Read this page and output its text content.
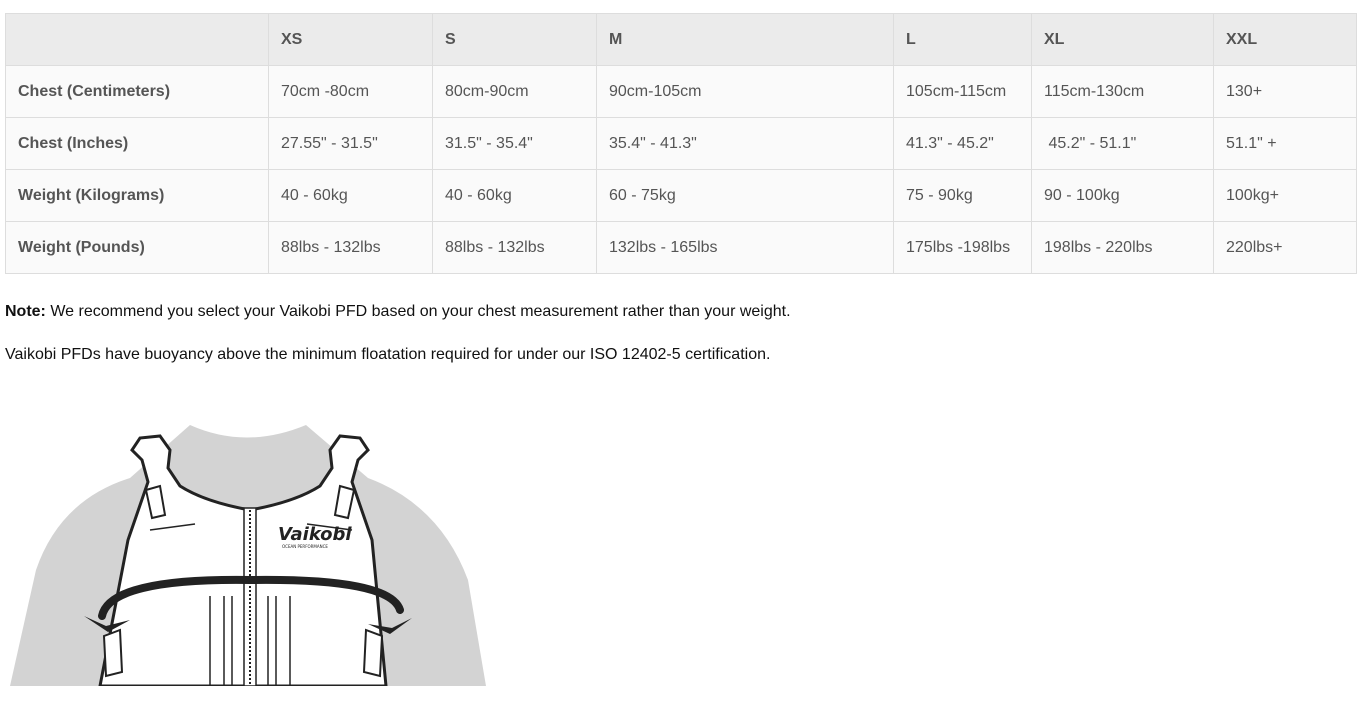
	XS	S	M	L	XL	XXL
Chest (Centimeters)	70cm -80cm	80cm-90cm	90cm-105cm	105cm-115cm	115cm-130cm	130+
Chest (Inches)	27.55" - 31.5"	31.5" - 35.4"	35.4" - 41.3"	41.3" - 45.2"	45.2" - 51.1"	51.1" +
Weight (Kilograms)	40 - 60kg	40 - 60kg	60 - 75kg	75 - 90kg	90 - 100kg	100kg+
Weight (Pounds)	88lbs - 132lbs	88lbs - 132lbs	132lbs - 165lbs	175lbs -198lbs	198lbs - 220lbs	220lbs+

Note: We recommend you select your Vaikobi PFD based on your chest measurement rather than your weight.

Vaikobi PFDs have buoyancy above the minimum floatation required for under our ISO 12402-5 certification.

Vaikobi
OCEAN PERFORMANCE
